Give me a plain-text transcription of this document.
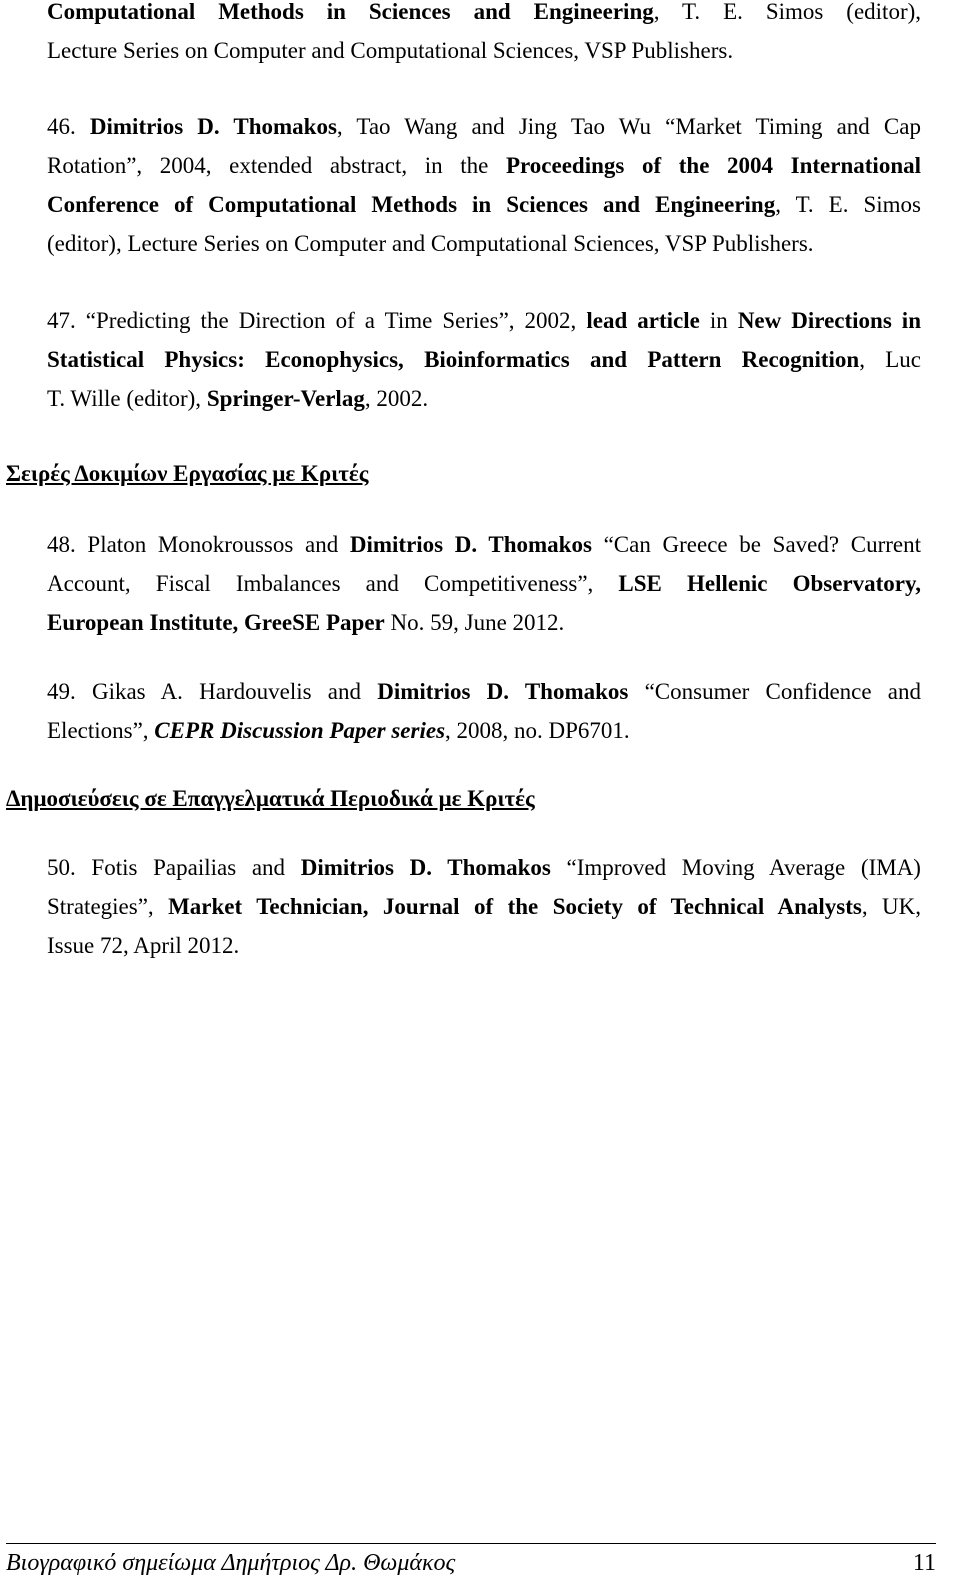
Computational Methods in Sciences and Engineering, T. E. Simos (editor),
Lecture Series on Computer and Computational Sciences, VSP Publishers.
46. Dimitrios D. Thomakos, Tao Wang and Jing Tao Wu “Market Timing and Cap
Rotation”, 2004, extended abstract, in the Proceedings of the 2004 International
Conference of Computational Methods in Sciences and Engineering, T. E. Simos
(editor), Lecture Series on Computer and Computational Sciences, VSP Publishers.
47. “Predicting the Direction of a Time Series”, 2002, lead article in New Directions in
Statistical Physics: Econophysics, Bioinformatics and Pattern Recognition, Luc
T. Wille (editor), Springer-Verlag, 2002.
Σειρές Δοκιμίων Εργασίας με Κριτές
48. Platon Monokroussos and Dimitrios D. Thomakos “Can Greece be Saved? Current
Account, Fiscal Imbalances and Competitiveness”, LSE Hellenic Observatory,
European Institute, GreeSE Paper No. 59, June 2012.
49. Gikas A. Hardouvelis and Dimitrios D. Thomakos “Consumer Confidence and
Elections”, CEPR Discussion Paper series, 2008, no. DP6701.
Δημοσιεύσεις σε Επαγγελματικά Περιοδικά με Κριτές
50. Fotis Papailias and Dimitrios D. Thomakos “Improved Moving Average (IMA)
Strategies”, Market Technician, Journal of the Society of Technical Analysts, UK,
Issue 72, April 2012.
Βιογραφικό σημείωμα Δημήτριος Δρ. Θωμάκος	11
